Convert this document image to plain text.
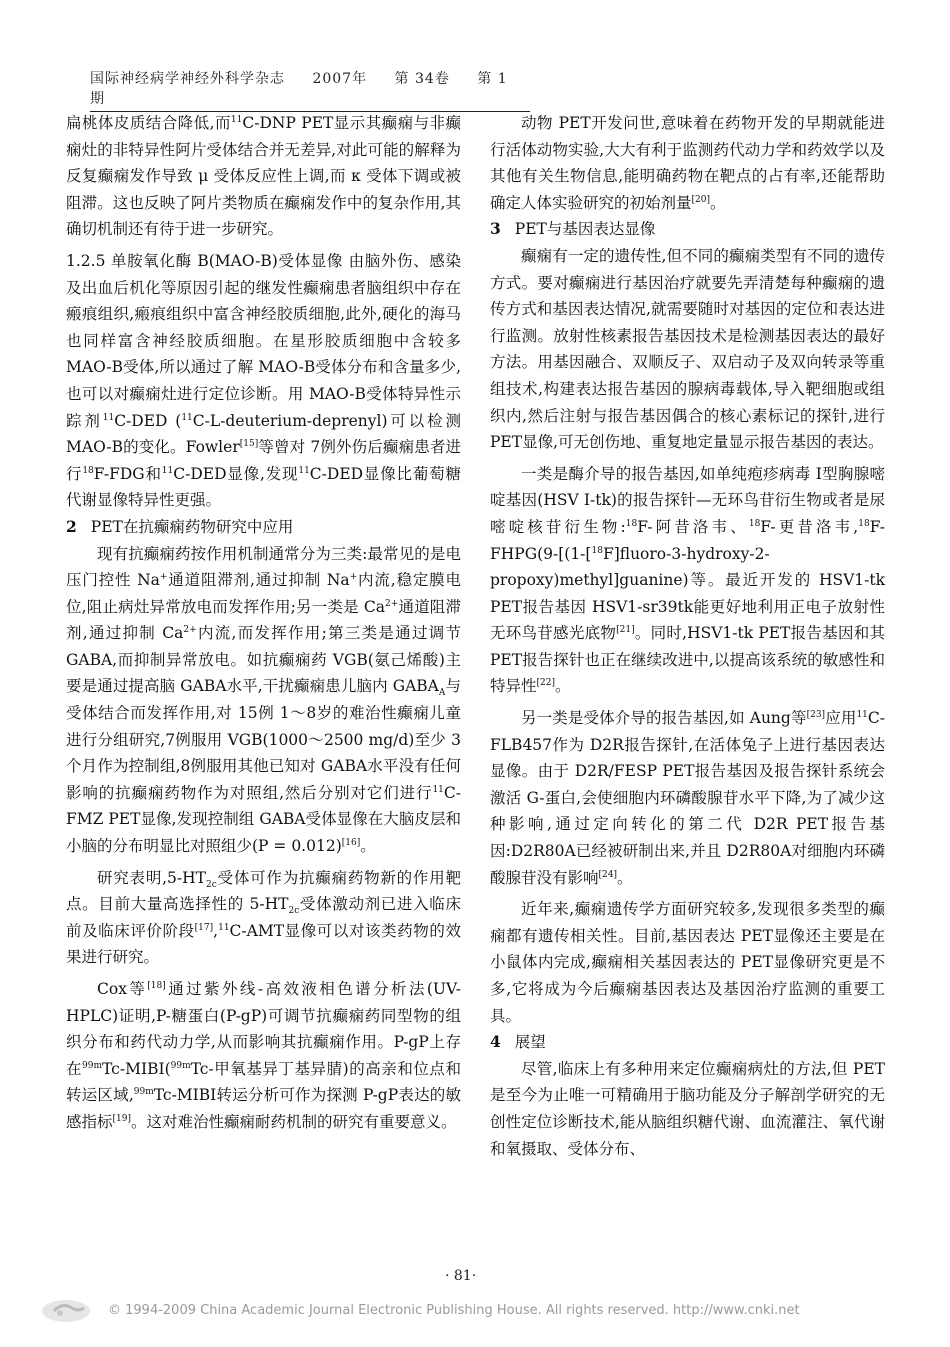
国际神经病学神经外科学杂志 2007年 第 34卷 第 1期

扁桃体皮质结合降低,而$^{11}$C-DNP PET显示其癫痫与非癫痫灶的非特异性阿片受体结合并无差异,对此可能的解释为反复癫痫发作导致 μ 受体反应性上调,而 κ 受体下调或被阻滞。这也反映了阿片类物质在癫痫发作中的复杂作用,其确切机制还有待于进一步研究。

1.2.5 单胺氧化酶 B(MAO-B)受体显像 由脑外伤、感染及出血后机化等原因引起的继发性癫痫患者脑组织中存在瘢痕组织,瘢痕组织中富含神经胶质细胞,此外,硬化的海马也同样富含神经胶质细胞。在星形胶质细胞中含较多 MAO-B受体,所以通过了解 MAO-B受体分布和含量多少,也可以对癫痫灶进行定位诊断。用 MAO-B受体特异性示踪剂$^{11}$C-DED ($^{11}$C-L-deuterium-deprenyl)可以检测 MAO-B的变化。Fowler[15]等曾对 7例外伤后癫痫患者进行$^{18}$F-FDG和$^{11}$C-DED显像,发现$^{11}$C-DED显像比葡萄糖代谢显像特异性更强。

2 PET在抗癫痫药物研究中应用

现有抗癫痫药按作用机制通常分为三类:最常见的是电压门控性 Na+通道阻滞剂,通过抑制 Na+内流,稳定膜电位,阻止病灶异常放电而发挥作用;另一类是 $Ca^{2+}$通道阻滞剂,通过抑制 $Ca^{2+}$内流,而发挥作用;第三类是通过调节 GABA,而抑制异常放电。如抗癫痫药 VGB(氨己烯酸)主要是通过提高脑 GABA水平,干扰癫痫患儿脑内 $GABA_A$与受体结合而发挥作用,对 15例 1～8岁的难治性癫痫儿童进行分组研究,7例服用 VGB(1000～2500 mg/d)至少 3个月作为控制组,8例服用其他已知对 GABA水平没有任何影响的抗癫痫药物作为对照组,然后分别对它们进行$^{11}$C-FMZ PET显像,发现控制组 GABA受体显像在大脑皮层和小脑的分布明显比对照组少(P = 0.012)[16]。

研究表明$,5-HT_{2c}$受体可作为抗癫痫药物新的作用靶点。目前大量高选择性的 $5-HT_{2c}$受体激动剂已进入临床前及临床评价阶段[17],$^{11}$C-AMT显像可以对该类药物的效果进行研究。

Cox等[18]通过紫外线-高效液相色谱分析法(UV-HPLC)证明,P-糖蛋白(P-gP)可调节抗癫痫药同型物的组织分布和药代动力学,从而影响其抗癫痫作用。P-gP上存在$^{99m}$Tc-MIBI($^{99m}$Tc-甲氧基异丁基异腈)的高亲和位点和转运区域,$^{99m}$Tc-MIBI转运分析可作为探测 P-gP表达的敏感指标[19]。这对难治性癫痫耐药机制的研究有重要意义。

动物 PET开发问世,意味着在药物开发的早期就能进行活体动物实验,大大有利于监测药代动力学和药效学以及其他有关生物信息,能明确药物在靶点的占有率,还能帮助确定人体实验研究的初始剂量[20]。

3 PET与基因表达显像

癫痫有一定的遗传性,但不同的癫痫类型有不同的遗传方式。要对癫痫进行基因治疗就要先弄清楚每种癫痫的遗传方式和基因表达情况,就需要随时对基因的定位和表达进行监测。放射性核素报告基因技术是检测基因表达的最好方法。用基因融合、双顺反子、双启动子及双向转录等重组技术,构建表达报告基因的腺病毒载体,导入靶细胞或组织内,然后注射与报告基因偶合的核心素标记的探针,进行 PET显像,可无创伤地、重复地定量显示报告基因的表达。

一类是酶介导的报告基因,如单纯疱疹病毒 I型胸腺嘧啶基因(HSV I-tk)的报告探针—无环鸟苷衍生物或者是尿嘧啶核苷衍生物:$^{18}$F-阿昔洛韦、$^{18}$F-更昔洛韦,$^{18}$F-FHPG(9-[(1-[$^{18}$F]fluoro-3-hydroxy-2-propoxy)methyl]guanine)等。最近开发的 HSV1-tk PET报告基因 HSV1-sr39tk能更好地利用正电子放射性无环鸟苷感光底物[21]。同时,HSV1-tk PET报告基因和其 PET报告探针也正在继续改进中,以提高该系统的敏感性和特异性[22]。

另一类是受体介导的报告基因,如 Aung等[23]应用$^{11}$C-FLB457作为 D2R报告探针,在活体兔子上进行基因表达显像。由于 D2R/FESP PET报告基因及报告探针系统会激活 G-蛋白,会使细胞内环磷酸腺苷水平下降,为了减少这种影响,通过定向转化的第二代 D2R PET报告基因:D2R80A已经被研制出来,并且 D2R80A对细胞内环磷酸腺苷没有影响[24]。

近年来,癫痫遗传学方面研究较多,发现很多类型的癫痫都有遗传相关性。目前,基因表达 PET显像还主要是在小鼠体内完成,癫痫相关基因表达的 PET显像研究更是不多,它将成为今后癫痫基因表达及基因治疗监测的重要工具。

4 展望

尽管,临床上有多种用来定位癫痫病灶的方法,但 PET是至今为止唯一可精确用于脑功能及分子解剖学研究的无创性定位诊断技术,能从脑组织糖代谢、血流灌注、氧代谢和氧摄取、受体分布、

· 81·
© 1994-2009 China Academic Journal Electronic Publishing House. All rights reserved. http://www.cnki.net
